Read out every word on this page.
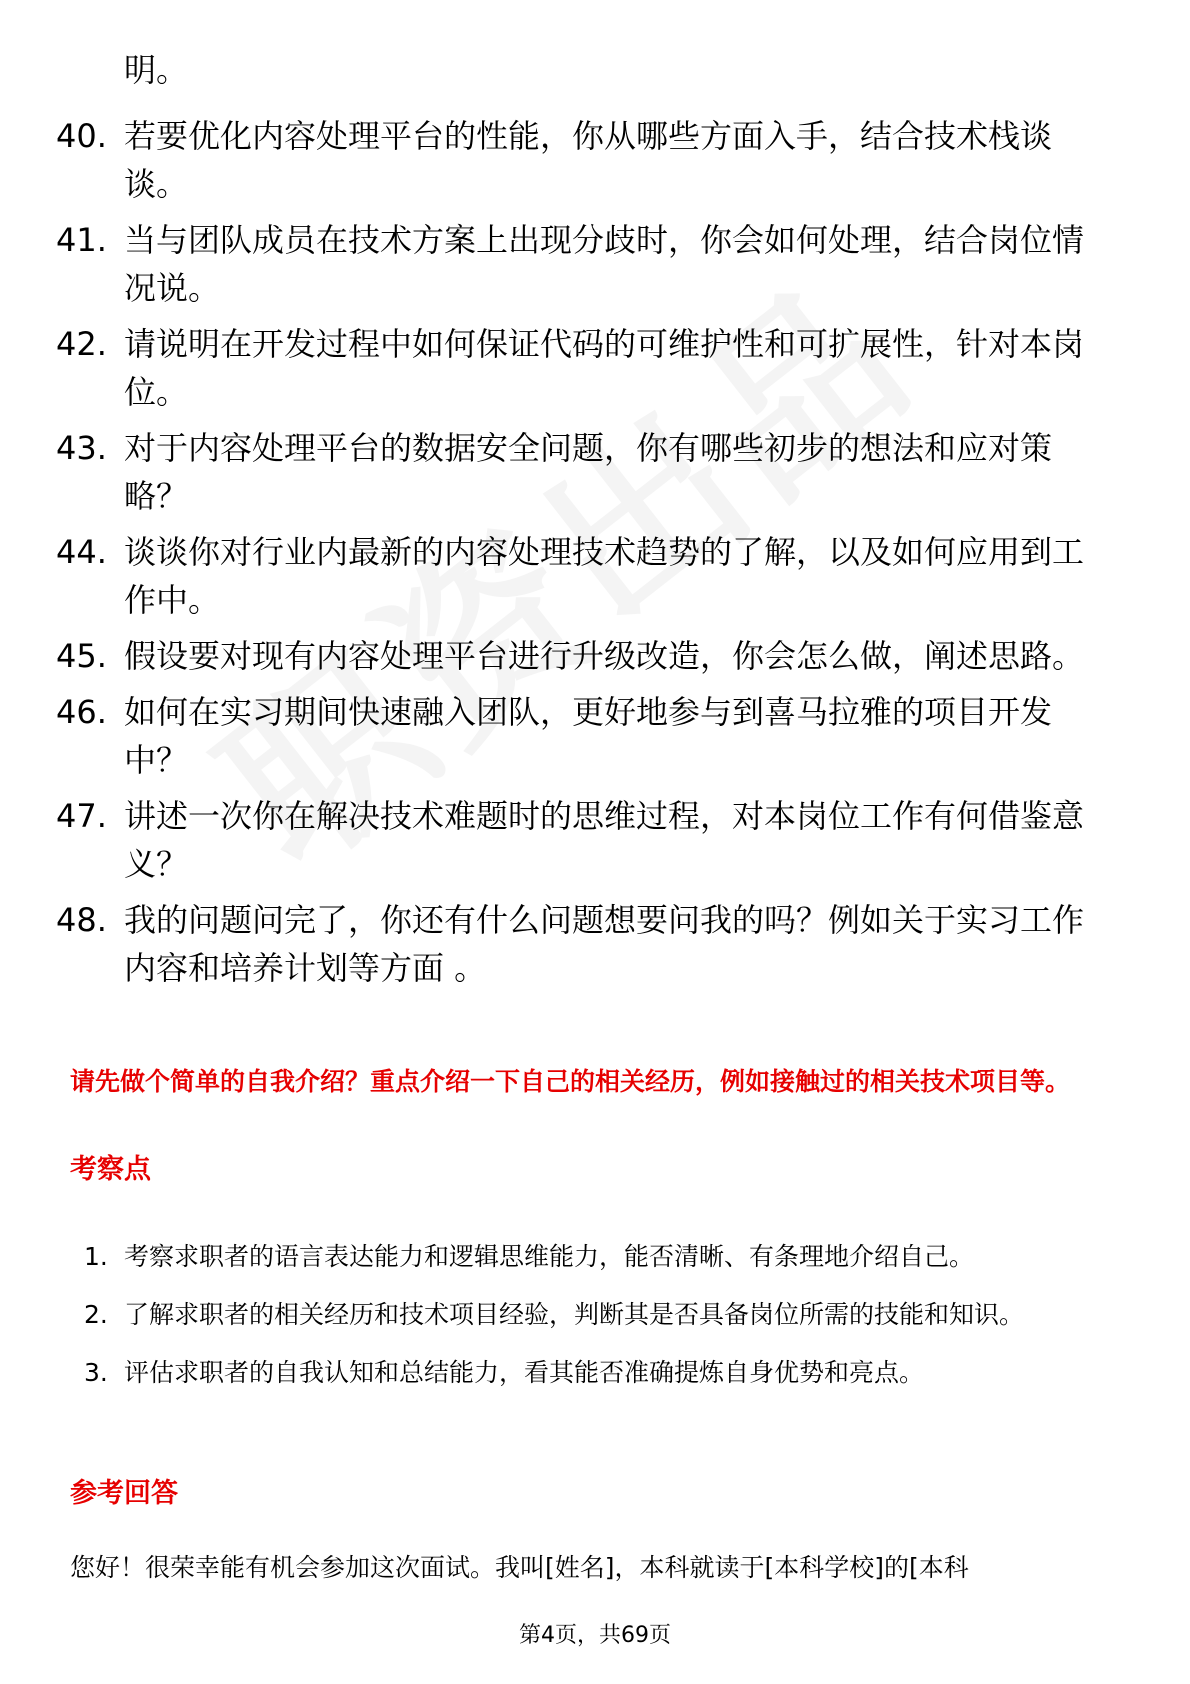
明。
40. 若要优化内容处理平台的性能，你从哪些方面入手，结合技术栈谈谈。
41. 当与团队成员在技术方案上出现分歧时，你会如何处理，结合岗位情况说。
42. 请说明在开发过程中如何保证代码的可维护性和可扩展性，针对本岗位。
43. 对于内容处理平台的数据安全问题，你有哪些初步的想法和应对策略？
44. 谈谈你对行业内最新的内容处理技术趋势的了解，以及如何应用到工作中。
45. 假设要对现有内容处理平台进行升级改造，你会怎么做，阐述思路。
46. 如何在实习期间快速融入团队，更好地参与到喜马拉雅的项目开发中？
47. 讲述一次你在解决技术难题时的思维过程，对本岗位工作有何借鉴意义？
48. 我的问题问完了，你还有什么问题想要问我的吗？例如关于实习工作内容和培养计划等方面 。
请先做个简单的自我介绍？重点介绍一下自己的相关经历，例如接触过的相关技术项目等。
考察点
1. 考察求职者的语言表达能力和逻辑思维能力，能否清晰、有条理地介绍自己。
2. 了解求职者的相关经历和技术项目经验，判断其是否具备岗位所需的技能和知识。
3. 评估求职者的自我认知和总结能力，看其能否准确提炼自身优势和亮点。
参考回答
您好！很荣幸能有机会参加这次面试。我叫[姓名]，本科就读于[本科学校]的[本科
第4页，共69页
